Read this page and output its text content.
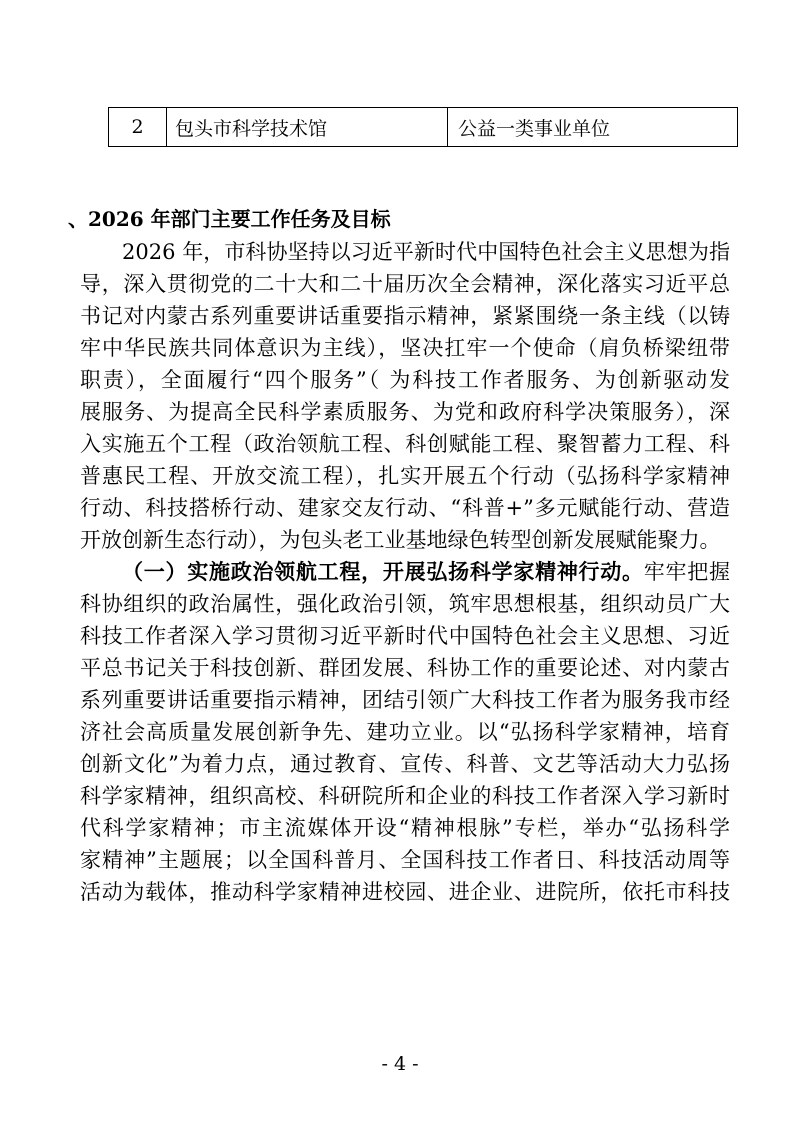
2	包头市科学技术馆	公益一类事业单位
、2026 年部门主要工作任务及目标
2026 年，市科协坚持以习近平新时代中国特色社会主义思想为指
导，深入贯彻党的二十大和二十届历次全会精神，深化落实习近平总
书记对内蒙古系列重要讲话重要指示精神，紧紧围绕一条主线（以铸
牢中华民族共同体意识为主线），坚决扛牢一个使命（肩负桥梁纽带
职责），全面履行“四个服务”（ 为科技工作者服务、为创新驱动发
展服务、为提高全民科学素质服务、为党和政府科学决策服务），深
入实施五个工程（政治领航工程、科创赋能工程、聚智蓄力工程、科
普惠民工程、开放交流工程），扎实开展五个行动（弘扬科学家精神
行动、科技搭桥行动、建家交友行动、“科普+”多元赋能行动、营造
开放创新生态行动），为包头老工业基地绿色转型创新发展赋能聚力。
（一）实施政治领航工程，开展弘扬科学家精神行动。牢牢把握
科协组织的政治属性，强化政治引领，筑牢思想根基，组织动员广大
科技工作者深入学习贯彻习近平新时代中国特色社会主义思想、习近
平总书记关于科技创新、群团发展、科协工作的重要论述、对内蒙古
系列重要讲话重要指示精神，团结引领广大科技工作者为服务我市经
济社会高质量发展创新争先、建功立业。以“弘扬科学家精神，培育
创新文化”为着力点，通过教育、宣传、科普、文艺等活动大力弘扬
科学家精神，组织高校、科研院所和企业的科技工作者深入学习新时
代科学家精神；市主流媒体开设“精神根脉”专栏，举办“弘扬科学
家精神”主题展；以全国科普月、全国科技工作者日、科技活动周等
活动为载体，推动科学家精神进校园、进企业、进院所，依托市科技
- 4 -
